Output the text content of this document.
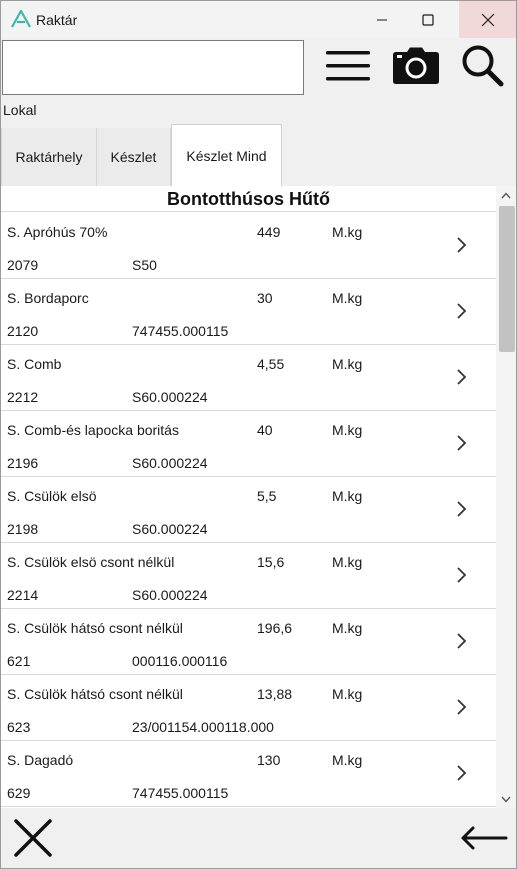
Raktár
Lokal
Raktárhely	Készlet	Készlet Mind
Bontotthúsos Hűtő
S. Apróhús 70%	449	M.kg
2079	S50
S. Bordaporc	30	M.kg
2120	747455.000115
S. Comb	4,55	M.kg
2212	S60.000224
S. Comb-és lapocka boritás	40	M.kg
2196	S60.000224
S. Csülök elsö	5,5	M.kg
2198	S60.000224
S. Csülök elsö csont nélkül	15,6	M.kg
2214	S60.000224
S. Csülök hátsó csont nélkül	196,6	M.kg
621	000116.000116
S. Csülök hátsó csont nélkül	13,88	M.kg
623	23/001154.000118.000
S. Dagadó	130	M.kg
629	747455.000115
